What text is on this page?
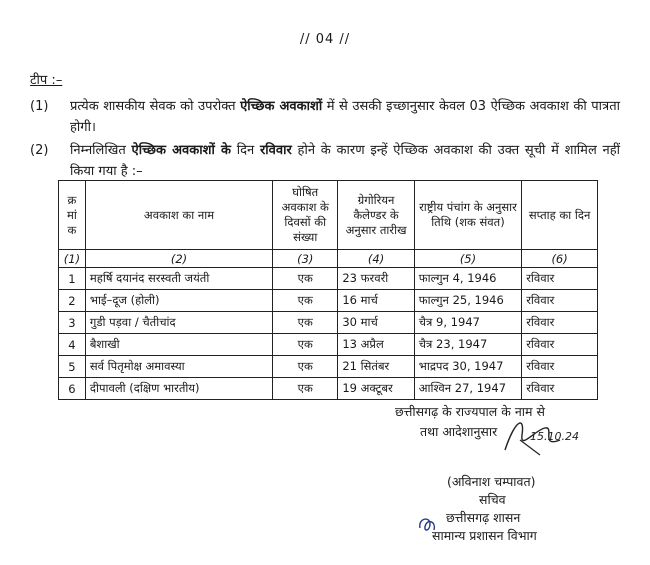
// 04 //
टीप :–
(1) प्रत्येक शासकीय सेवक को उपरोक्त ऐच्छिक अवकाशों में से उसकी इच्छानुसार केवल 03 ऐच्छिक अवकाश की पात्रता होगी।
(2) निम्नलिखित ऐच्छिक अवकाशों के दिन रविवार होने के कारण इन्हें ऐच्छिक अवकाश की उक्त सूची में शामिल नहीं किया गया है :–
क्र मां क	अवकाश का नाम	घोषित अवकाश के दिवसों की संख्या	ग्रेगोरियन कैलेण्डर के अनुसार तारीख	राष्ट्रीय पंचांग के अनुसार तिथि (शक संवत)	सप्ताह का दिन
(1)	(2)	(3)	(4)	(5)	(6)
1	महर्षि दयानंद सरस्वती जयंती	एक	23 फरवरी	फाल्गुन 4, 1946	रविवार
2	भाई–दूज (होली)	एक	16 मार्च	फाल्गुन 25, 1946	रविवार
3	गुडी पड़वा / चैतीचांद	एक	30 मार्च	चैत्र 9, 1947	रविवार
4	बैशाखी	एक	13 अप्रैल	चैत्र 23, 1947	रविवार
5	सर्व पितृमोक्ष अमावस्या	एक	21 सितंबर	भाद्रपद 30, 1947	रविवार
6	दीपावली (दक्षिण भारतीय)	एक	19 अक्टूबर	आश्विन 27, 1947	रविवार
छत्तीसगढ़ के राज्यपाल के नाम से
तथा आदेशानुसार	15.10.24
(अविनाश चम्पावत)
सचिव
छत्तीसगढ़ शासन
सामान्य प्रशासन विभाग
